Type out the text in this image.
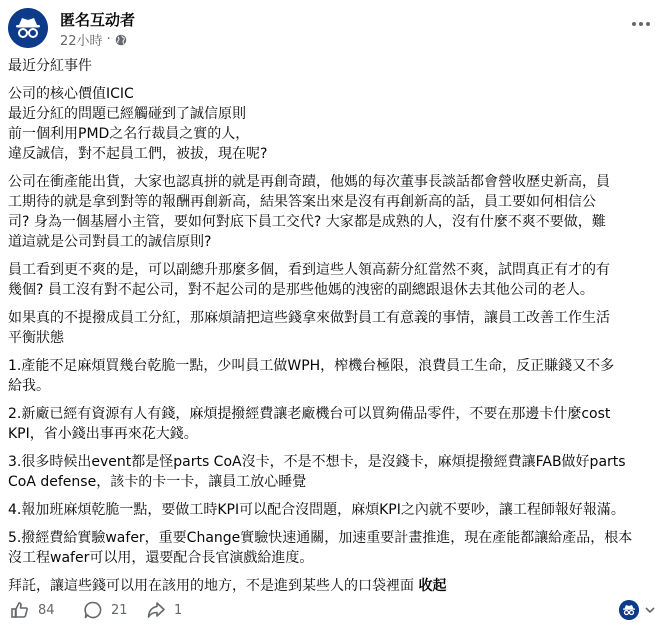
匿名互动者
22小時 ·
最近分紅事件
公司的核心價值ICIC
最近分紅的問題已經觸碰到了誠信原則
前一個利用PMD之名行裁員之實的人，
違反誠信，對不起員工們，被拔，現在呢?
公司在衝產能出貨，大家也認真拼的就是再創奇蹟，他媽的每次董事長談話都會營收歷史新高，員
工期待的就是拿到對等的報酬再創新高，結果答案出來是沒有再創新高的話，員工要如何相信公
司? 身為一個基層小主管，要如何對底下員工交代? 大家都是成熟的人，沒有什麼不爽不要做，難
道這就是公司對員工的誠信原則?
員工看到更不爽的是，可以副總升那麼多個，看到這些人領高薪分紅當然不爽，試問真正有才的有
幾個? 員工沒有對不起公司，對不起公司的是那些他媽的洩密的副總跟退休去其他公司的老人。
如果真的不提撥成員工分紅，那麻煩請把這些錢拿來做對員工有意義的事情，讓員工改善工作生活
平衡狀態
1.產能不足麻煩買幾台乾脆一點，少叫員工做WPH，榨機台極限，浪費員工生命，反正賺錢又不多
給我。
2.新廠已經有資源有人有錢，麻煩提撥經費讓老廠機台可以買夠備品零件，不要在那邊卡什麼cost
KPI，省小錢出事再來花大錢。
3.很多時候出event都是怪parts CoA沒卡，不是不想卡，是沒錢卡，麻煩提撥經費讓FAB做好parts
CoA defense，該卡的卡一卡，讓員工放心睡覺
4.報加班麻煩乾脆一點，要做工時KPI可以配合沒問題，麻煩KPI之內就不要吵，讓工程師報好報滿。
5.撥經費給實驗wafer，重要Change實驗快速通關，加速重要計畫推進，現在產能都讓給產品，根本
沒工程wafer可以用，還要配合長官演戲給進度。
拜託，讓這些錢可以用在該用的地方，不是進到某些人的口袋裡面 收起
84	21	1
